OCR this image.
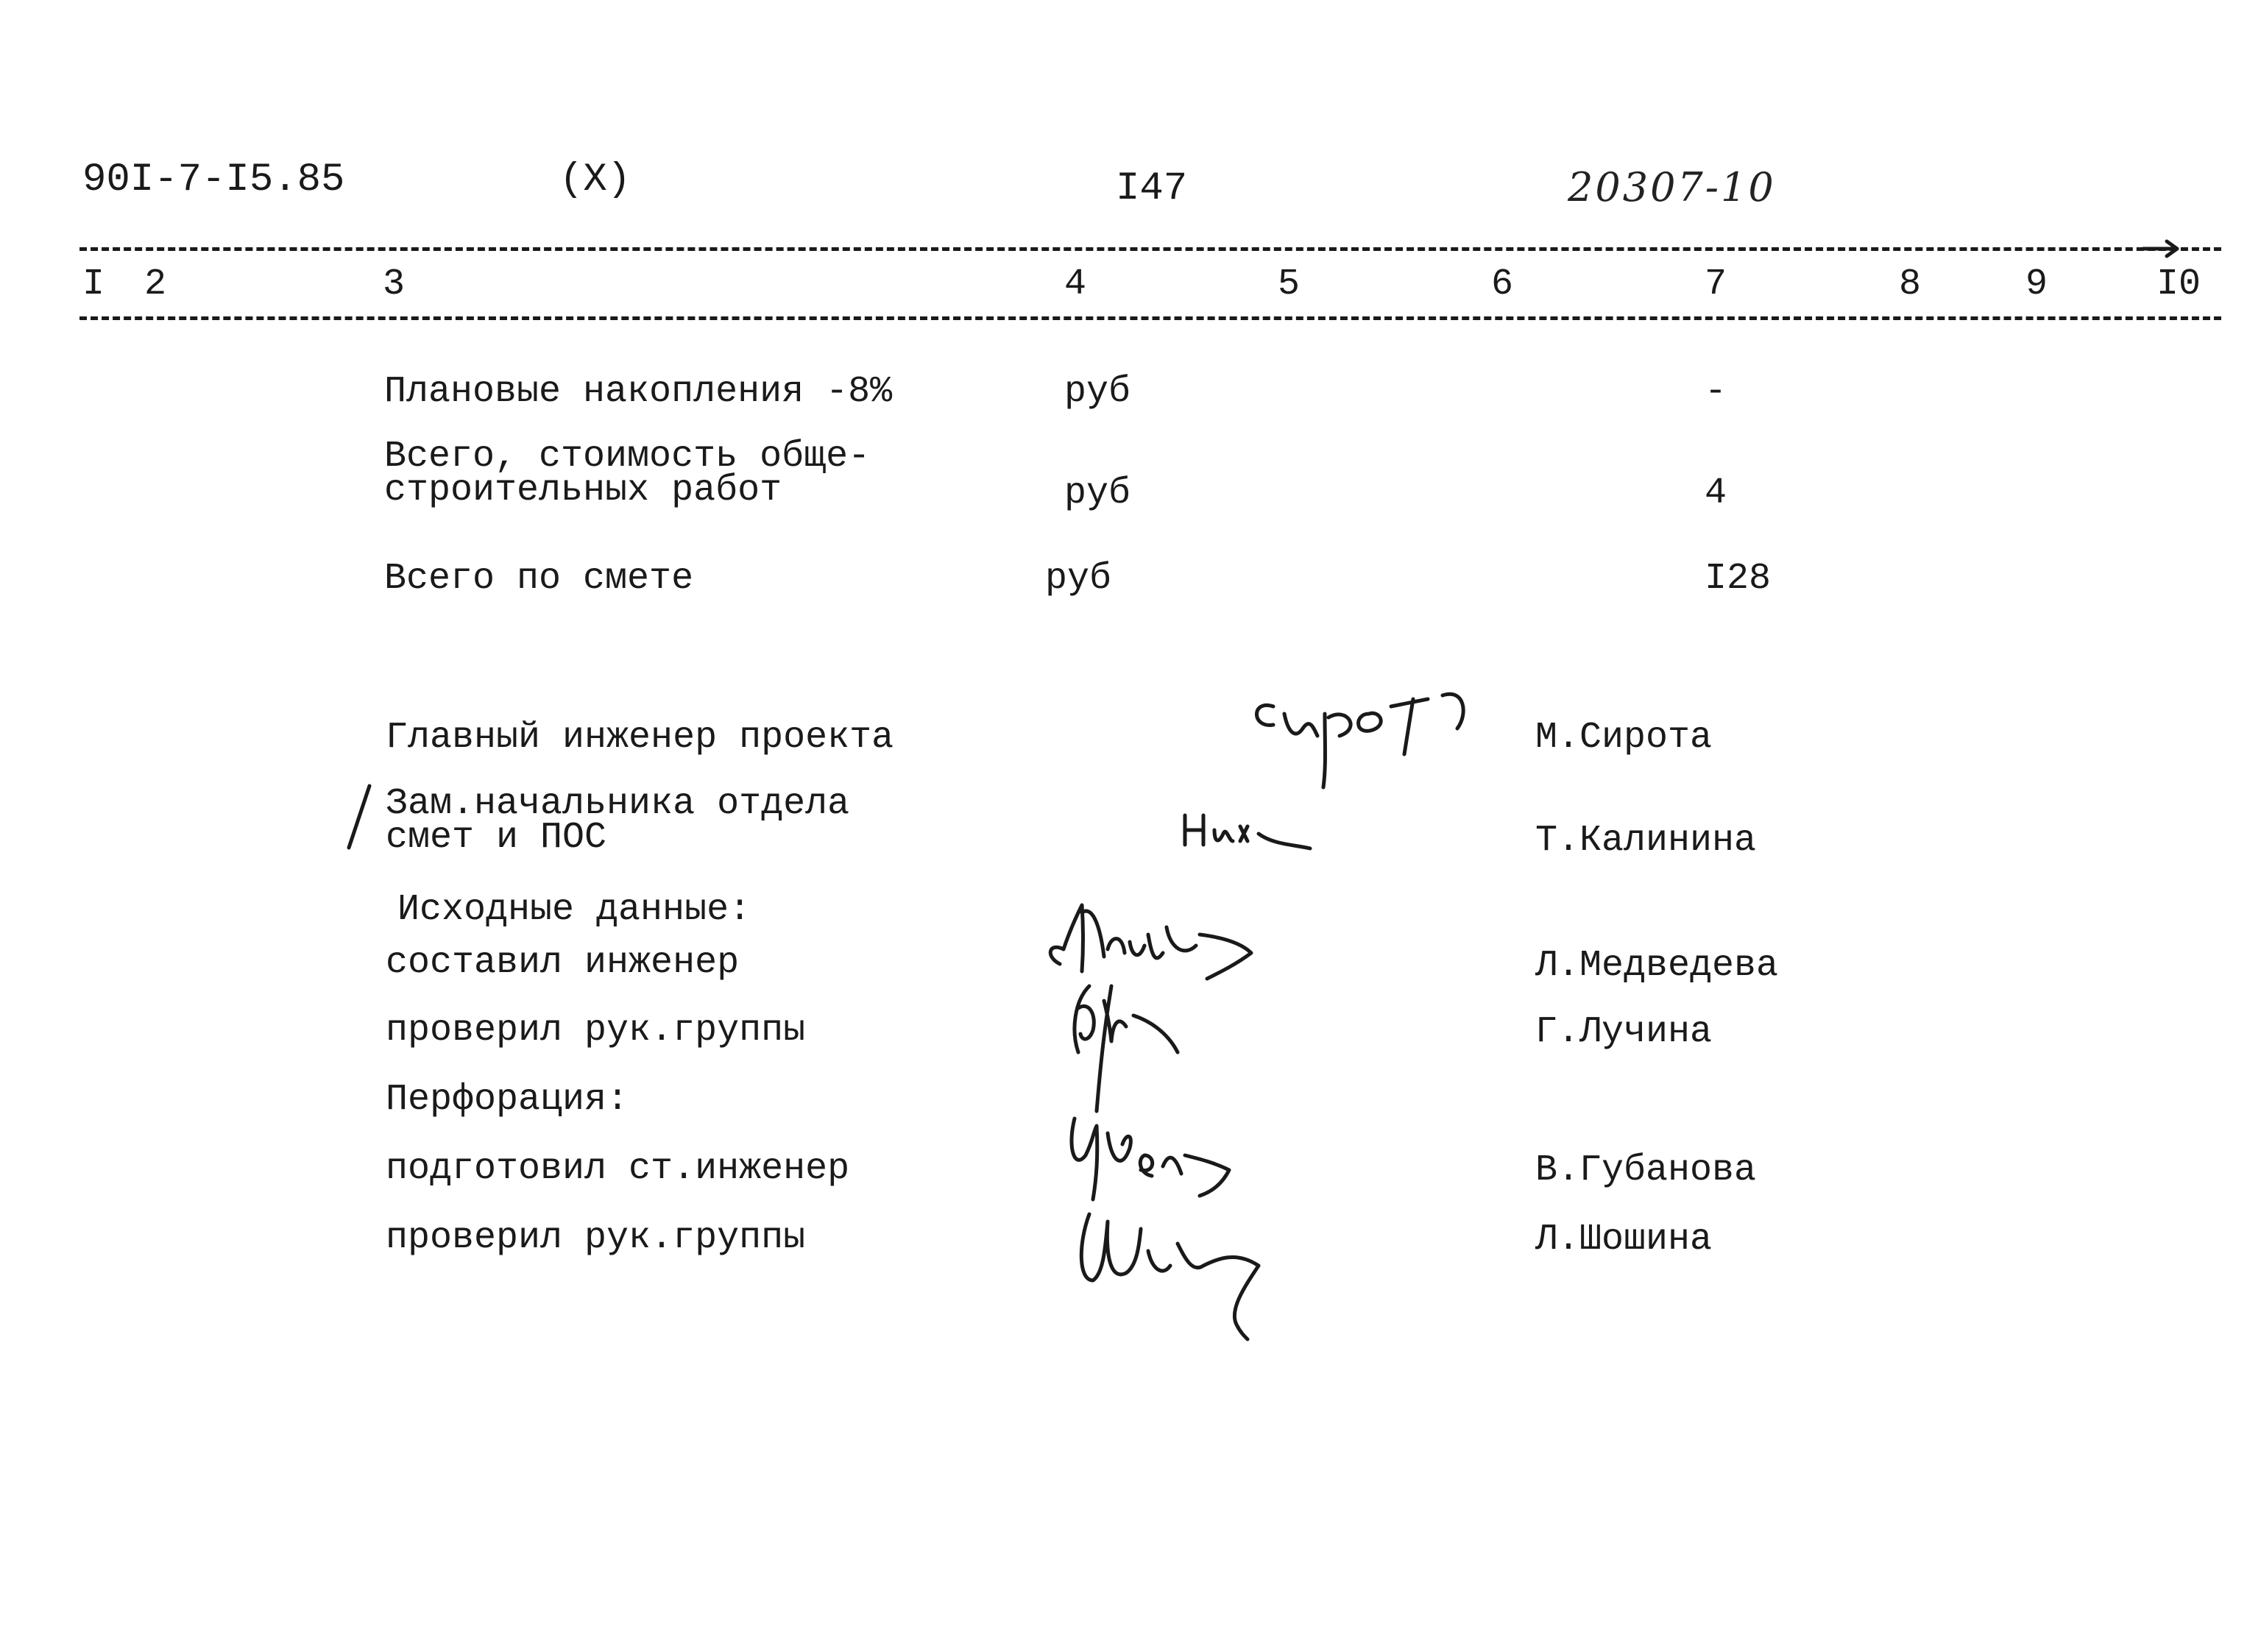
90I-7-I5.85	(X)	I47	20307-10
I 2	3	4	5	6	7	8	9	I0
Плановые накопления -8%	руб	-
Всего, стоимость обще-
строительных работ	руб	4
Всего по смете	руб	I28
Главный инженер проекта	М.Сирота
Зам.начальника отдела
смет и ПОС	Т.Калинина
Исходные данные:
составил инженер	Л.Медведева
проверил рук.группы	Г.Лучина
Перфорация:
подготовил ст.инженер	В.Губанова
проверил рук.группы	Л.Шошина
